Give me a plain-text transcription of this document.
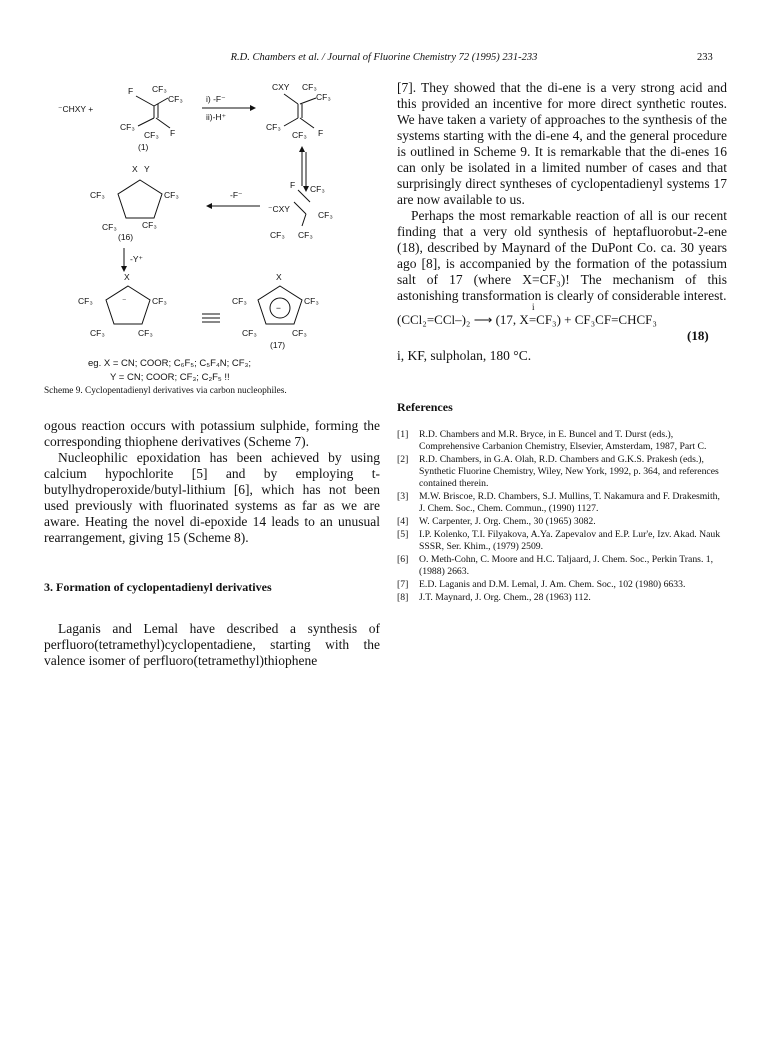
R.D. Chambers et al. / Journal of Fluorine Chemistry 72 (1995) 231-233	233
⁻CHXY +
F CF₃
CF₃
CF₃
CF₃ F
(1)
i) -F⁻
ii)-H⁺
CXY CF₃
CF₃
CF₃
CF₃ F
X Y
CF₃	CF₃
CF₃	CF₃
(16)
-F⁻
F CF₃
⁻CXY
CF₃
CF₃ CF₃
-Y⁺
X
⁻
CF₃	CF₃
CF₃	CF₃
X
−
CF₃	CF₃
CF₃	CF₃
(17)
eg. X = CN; COOR; C₆F₅; C₅F₄N; CF₃;
Y = CN; COOR; CF₃; C₂F₅ !!
Scheme 9. Cyclopentadienyl derivatives via carbon nucleophiles.

ogous reaction occurs with potassium sulphide, forming the corresponding thiophene derivatives (Scheme 7).

Nucleophilic epoxidation has been achieved by using calcium hypochlorite [5] and by employing t-butylhydroperoxide/butyl-lithium [6], which has not been used previously with fluorinated systems as far as we are aware. Heating the novel di-epoxide 14 leads to an unusual rearrangement, giving 15 (Scheme 8).

3. Formation of cyclopentadienyl derivatives

Laganis and Lemal have described a synthesis of perfluoro(tetramethyl)cyclopentadiene, starting with the valence isomer of perfluoro(tetramethyl)thiophene

[7]. They showed that the di-ene is a very strong acid and this provided an incentive for more direct synthetic routes. We have taken a variety of approaches to the synthesis of the systems starting with the di-ene 4, and the general procedure is outlined in Scheme 9. It is remarkable that the di-enes 16 can only be isolated in a limited number of cases and that surprisingly direct syntheses of cyclopentadienyl systems 17 are now available to us.

Perhaps the most remarkable reaction of all is our recent finding that a very old synthesis of heptafluorobut-2-ene (18), described by Maynard of the DuPont Co. ca. 30 years ago [8], is accompanied by the formation of the potassium salt of 17 (where X=CF₃)! The mechanism of this astonishing transformation is clearly of considerable interest.

i
(CCl₂=CCl–)₂ ⟶ (17, X=CF₃) + CF₃CF=CHCF₃
(18)

i, KF, sulpholan, 180 °C.

References
[1] R.D. Chambers and M.R. Bryce, in E. Buncel and T. Durst (eds.), Comprehensive Carbanion Chemistry, Elsevier, Amsterdam, 1987, Part C.
[2] R.D. Chambers, in G.A. Olah, R.D. Chambers and G.K.S. Prakesh (eds.), Synthetic Fluorine Chemistry, Wiley, New York, 1992, p. 364, and references contained therein.
[3] M.W. Briscoe, R.D. Chambers, S.J. Mullins, T. Nakamura and F. Drakesmith, J. Chem. Soc., Chem. Commun., (1990) 1127.
[4] W. Carpenter, J. Org. Chem., 30 (1965) 3082.
[5] I.P. Kolenko, T.I. Filyakova, A.Ya. Zapevalov and E.P. Lur'e, Izv. Akad. Nauk SSSR, Ser. Khim., (1979) 2509.
[6] O. Meth-Cohn, C. Moore and H.C. Taljaard, J. Chem. Soc., Perkin Trans. 1, (1988) 2663.
[7] E.D. Laganis and D.M. Lemal, J. Am. Chem. Soc., 102 (1980) 6633.
[8] J.T. Maynard, J. Org. Chem., 28 (1963) 112.
